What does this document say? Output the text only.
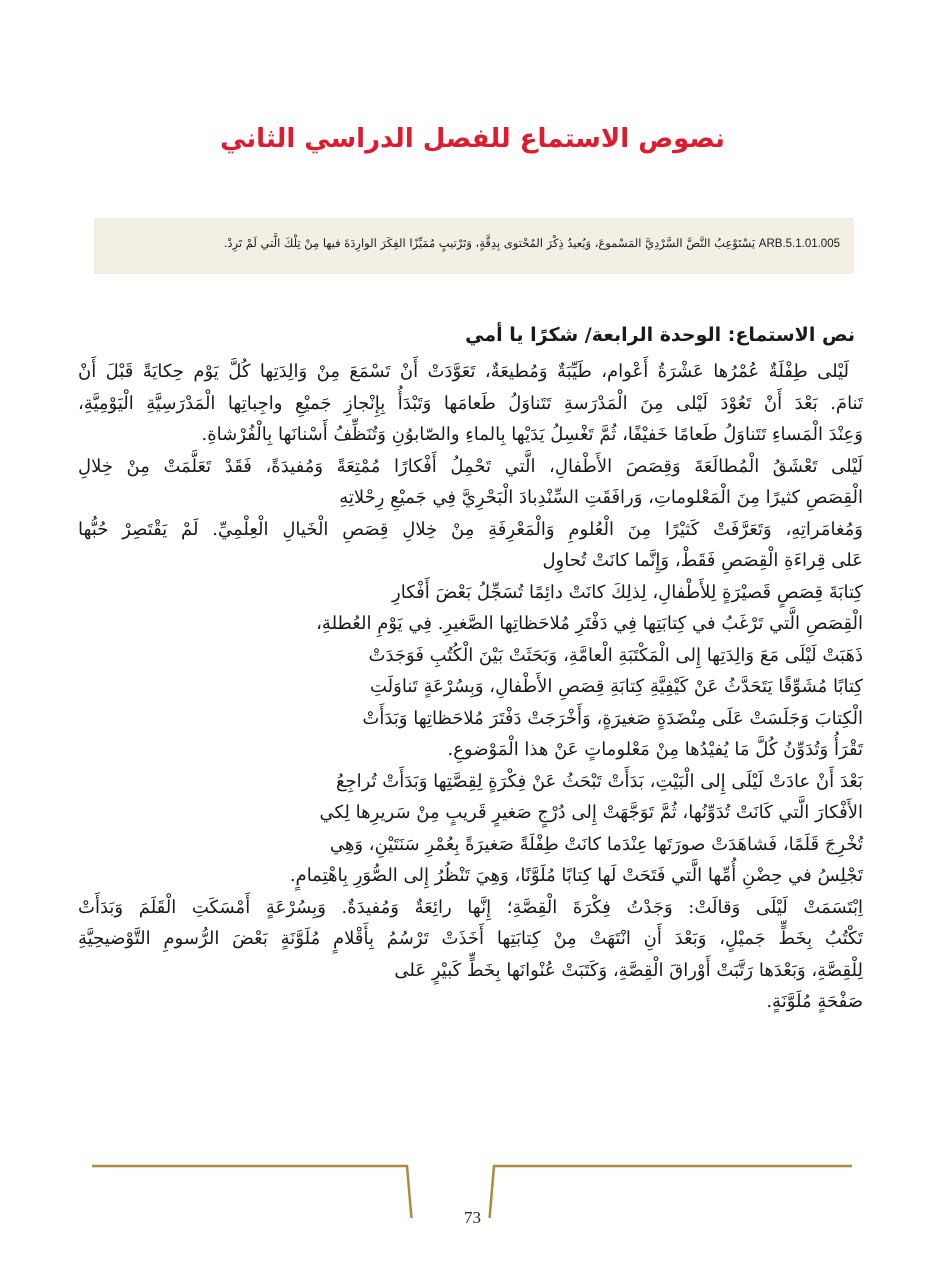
نصوص الاستماع للفصل الدراسي الثاني
ARB.5.1.01.005 يَسْتَوْعِبُ النَّصَّ السَّرْدِيَّ المَسْموعَ، وَيُعيدُ ذِكْرَ المُحْتوى بِدِقَّةٍ، وَتَرْتيبٍ مُمَيِّزًا الفِكَرَ الوارِدَةَ فيها مِنْ تِلْكَ الَّتي لَمْ تَرِدْ.
نص الاستماع: الوحدة الرابعة/ شكرًا يا أمي
لَيْلى طِفْلَةٌ عُمْرُها عَشْرَةُ أَعْوام، طَيِّبَةٌ وَمُطيعَةٌ، تَعَوَّدَتْ أَنْ تَسْمَعَ مِنْ وَالِدَتِها كُلَّ يَوْم حِكايَةً قَبْلَ أَنْ
تَنامَ. بَعْدَ أَنْ تَعُوْدَ لَيْلى مِنَ الْمَدْرَسةِ تَتَناوَلُ طَعامَها وَتَبْدَأُ بِإِنْجازِ جَميْعِ واجِباتِها الْمَدْرَسِيَّةِ الْيَوْمِيَّةِ،
وَعِنْدَ الْمَساءِ تَتَناوَلُ طَعامًا خَفيْفًا، ثُمَّ تَغْسِلُ يَدَيْها بِالماءِ والصّابوُنِ وَتُنَظِّفُ أَسْنانَها بِالْفُرْشاةِ.
لَيْلى تَعْشَقُ الْمُطالَعَةَ وَقِصَصَ الأَطْفالِ، الَّتي تَحْمِلُ أَفْكارًا مُمْتِعَةً وَمُفيدَةً، فَقَدْ تَعَلَّمَتْ مِنْ خِلالِ
الْقِصَصِ كثيرًا مِنَ الْمَعْلوماتِ، وَرافَقَتِ السِّنْدِبادَ الْبَحْرِيَّ فِي جَميْعِ رِحْلاتِهِ
وَمُغامَراتِهِ، وَتَعَرَّفَتْ كَثيْرًا مِنَ الْعُلومِ وَالْمَعْرِفَةِ مِنْ خِلالِ قِصَصِ الْخَيالِ الْعِلْمِيِّ. لَمْ يَقْتَصِرْ حُبُّها
عَلى قِراءَةِ الْقِصَصِ فَقَطْ، وَإِنَّما كانَتْ تُحاوِل
كِتابَةَ قِصَصٍ قَصيْرَةٍ لِلأَطْفالِ، لِذلِكَ كانَتْ دائِمًا تُسَجِّلُ بَعْضَ أَفْكارِ
الْقِصَصِ الَّتي تَرْغَبُ في كِتابَتِها فِي دَفْتَرِ مُلاحَظاتِها الصَّغيرِ. فِي يَوْمِ العُطلةِ،
ذَهَبَتْ لَيْلَى مَعَ وَالِدَتِها إِلى الْمَكْتَبَةِ الْعامَّةِ، وَبَحَثَتْ بَيْنَ الْكُتُبِ فَوَجَدَتْ
كِتابًا مُشَوِّقًا يَتَحَدَّثُ عَنْ كَيْفِيَّةِ كِتابَةِ قِصَصِ الأَطْفالِ، وَبِسُرْعَةٍ تَناوَلَتِ
الْكِتابَ وَجَلَسَتْ عَلَى مِنْضَدَةٍ صَغيرَةٍ، وَأَخْرَجَتْ دَفْتَرَ مُلاحَظاتِها وَبَدَأَتْ
تَقْرَأُ وَتُدَوِّنُ كُلَّ مَا يُفيْدُها مِنْ مَعْلوماتٍ عَنْ هذا الْمَوْضوعِ.
بَعْدَ أَنْ عادَتْ لَيْلَى إِلى الْبَيْتِ، بَدَأَتْ تَبْحَثُ عَنْ فِكْرَةٍ لِقِصَّتِها وَبَدَأَتْ تُراجِعُ
الأَفْكارَ الَّتي كَانَتْ تُدَوِّنُها، ثُمَّ تَوَجَّهَتْ إِلى دُرْجٍ صَغيرٍ قَريبٍ مِنْ سَريرِها لِكي
تُخْرِجَ قَلَمًا، فَشاهَدَتْ صورَتَها عِنْدَما كانَتْ طِفْلَةً صَغيرَةً بِعُمْرِ سَنَتَيْنِ، وَهِي
تَجْلِسُ في حِضْنِ أُمِّها الَّتي فَتَحَتْ لَها كِتابًا مُلَوَّنًا، وَهِيَ تَنْظُرُ إِلى الصُّوَرِ بِاهْتِمامٍ.
اِبْتَسَمَتْ لَيْلَى وَقالَتْ: وَجَدْتُ فِكْرَةَ الْقِصَّةِ؛ إِنَّها رائِعَةٌ وَمُفيدَةٌ. وَبِسُرْعَةٍ أَمْسَكَتِ الْقَلَمَ وَبَدَأَتْ
تَكْتُبُ بِخَطٍّ جَميْلٍ، وَبَعْدَ أَنِ انْتَهَتْ مِنْ كِتابَتِها أَخَذَتْ تَرْسُمُ بِأَقْلامٍ مُلَوَّنَةٍ بَعْضَ الرُّسومِ التَّوْضيحِيَّةِ
لِلْقِصَّةِ، وَبَعْدَها رَتَّبَتْ أَوْراقَ الْقِصَّةِ، وَكَتَبَتْ عُنْوانَها بِخَطٍّ كَبيْرٍ عَلى
صَفْحَةٍ مُلَوَّنَةٍ.
73
